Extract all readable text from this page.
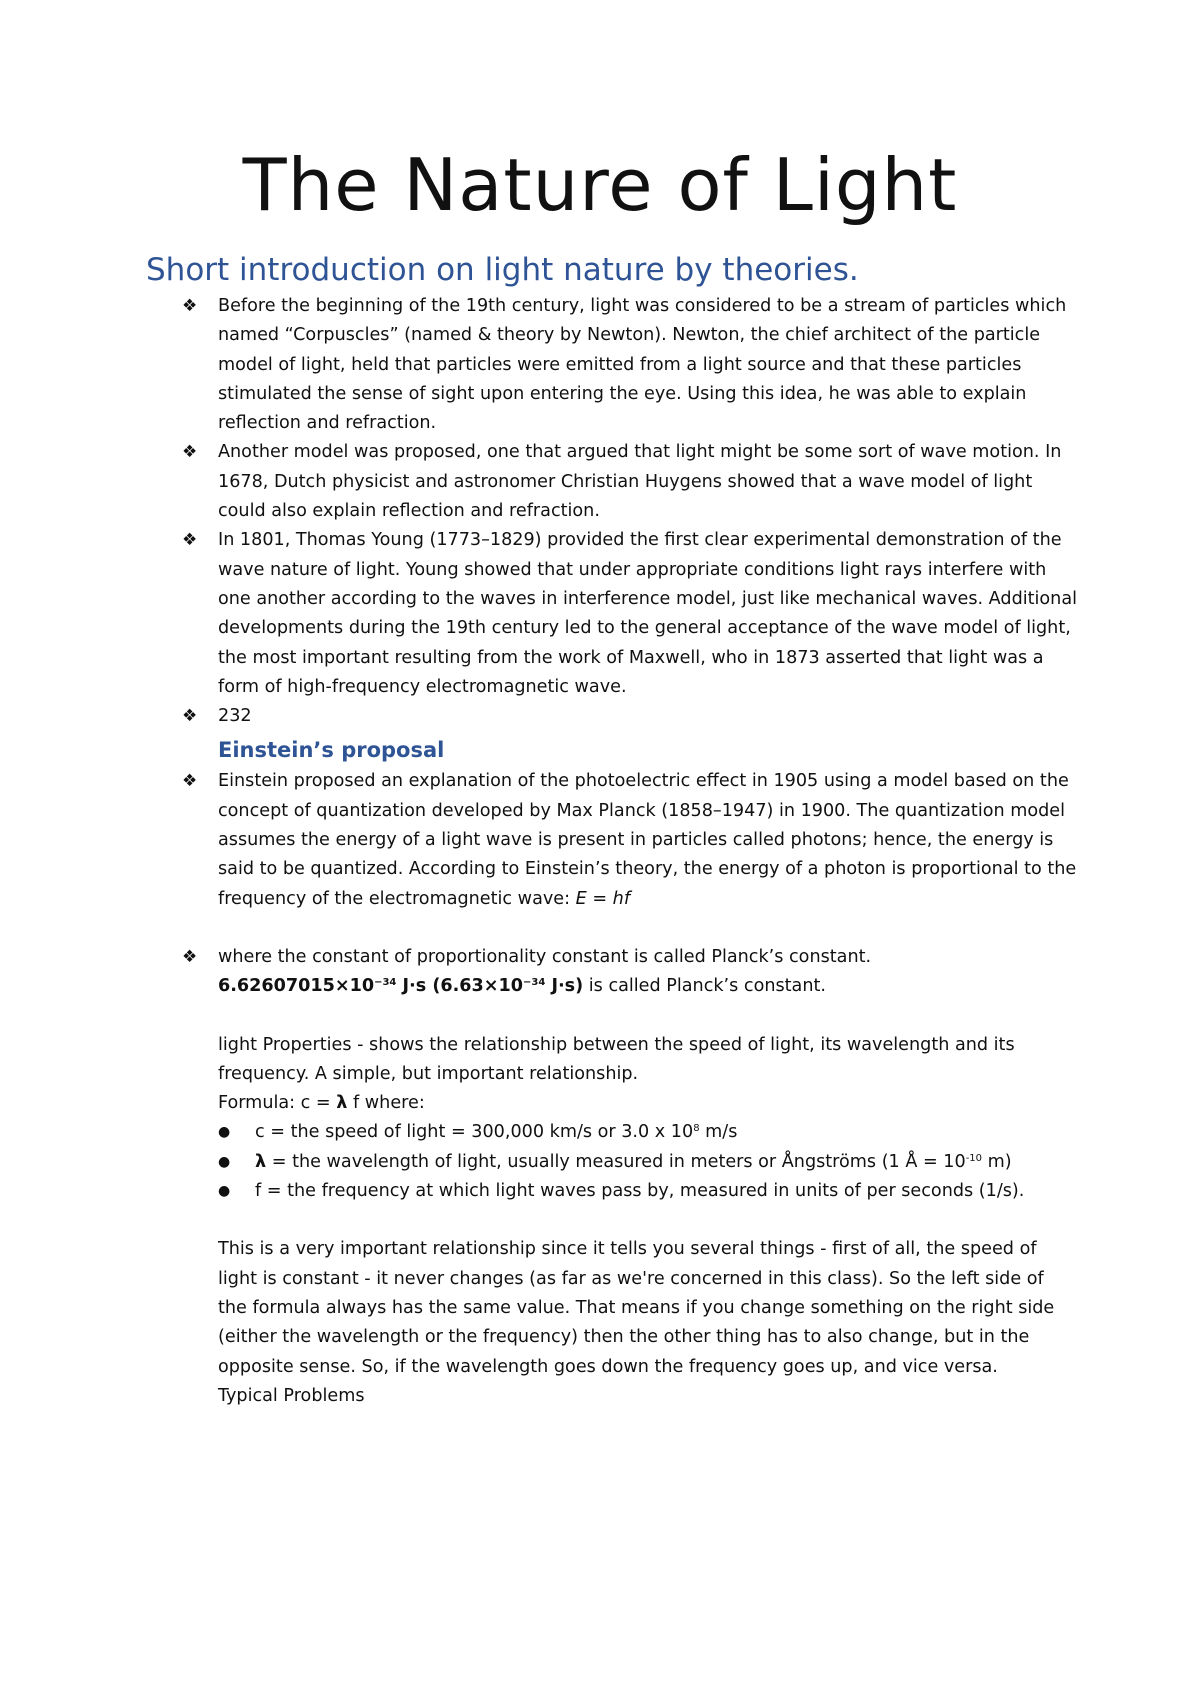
The Nature of Light
Short introduction on light nature by theories.
❖ Before the beginning of the 19th century, light was considered to be a stream of particles which named “Corpuscles” (named & theory by Newton). Newton, the chief architect of the particle model of light, held that particles were emitted from a light source and that these particles stimulated the sense of sight upon entering the eye. Using this idea, he was able to explain reflection and refraction.
❖ Another model was proposed, one that argued that light might be some sort of wave motion. In 1678, Dutch physicist and astronomer Christian Huygens showed that a wave model of light could also explain reflection and refraction.
❖ In 1801, Thomas Young (1773–1829) provided the first clear experimental demonstration of the wave nature of light. Young showed that under appropriate conditions light rays interfere with one another according to the waves in interference model, just like mechanical waves. Additional developments during the 19th century led to the general acceptance of the wave model of light, the most important resulting from the work of Maxwell, who in 1873 asserted that light was a form of high-frequency electromagnetic wave.
❖ 232
Einstein’s proposal
❖ Einstein proposed an explanation of the photoelectric effect in 1905 using a model based on the concept of quantization developed by Max Planck (1858–1947) in 1900. The quantization model assumes the energy of a light wave is present in particles called photons; hence, the energy is said to be quantized. According to Einstein’s theory, the energy of a photon is proportional to the frequency of the electromagnetic wave: E = hf
❖ where the constant of proportionality constant is called Planck’s constant.
$6.62607015\times 10^{-34}$ J⋅s ($6.63\times 10^{-34}$ J⋅s) is called Planck’s constant.
light Properties - shows the relationship between the speed of light, its wavelength and its frequency. A simple, but important relationship.
Formula: c = λ f where:
● c = the speed of light = 300,000 km/s or 3.0 x $10^8$ m/s
● λ = the wavelength of light, usually measured in meters or Ångströms (1 Å = $10^{-10}$ m)
● f = the frequency at which light waves pass by, measured in units of per seconds (1/s).
This is a very important relationship since it tells you several things - first of all, the speed of light is constant - it never changes (as far as we're concerned in this class). So the left side of the formula always has the same value. That means if you change something on the right side (either the wavelength or the frequency) then the other thing has to also change, but in the opposite sense. So, if the wavelength goes down the frequency goes up, and vice versa.
Typical Problems
